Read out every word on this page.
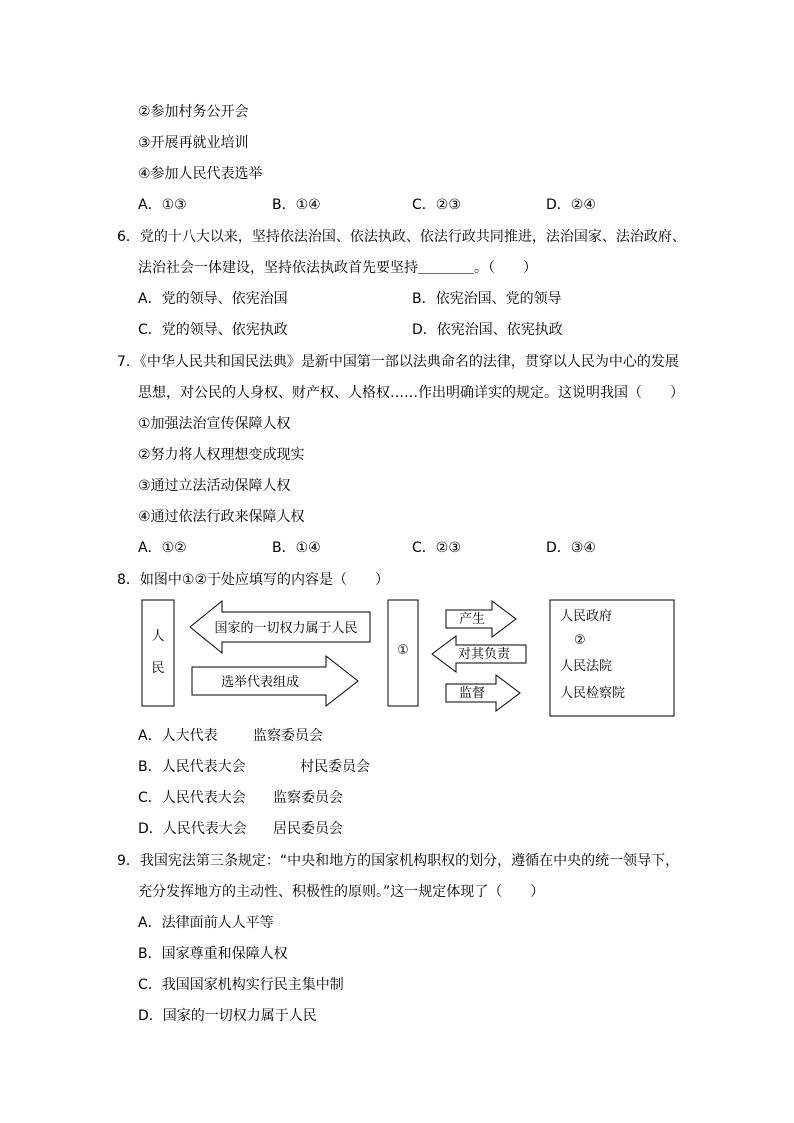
②参加村务公开会
③开展再就业培训
④参加人民代表选举
A．①③	B．①④	C．②③	D．②④
6．党的十八大以来，坚持依法治国、依法执政、依法行政共同推进，法治国家、法治政府、
法治社会一体建设，坚持依法执政首先要坚持＿＿＿＿。（　　）
A．党的领导、依宪治国	B．依宪治国、党的领导
C．党的领导、依宪执政	D．依宪治国、依宪执政
7．《中华人民共和国民法典》是新中国第一部以法典命名的法律，贯穿以人民为中心的发展
思想，对公民的人身权、财产权、人格权……作出明确详实的规定。这说明我国（　　）
①加强法治宣传保障人权
②努力将人权理想变成现实
③通过立法活动保障人权
④通过依法行政来保障人权
A．①②	B．①④	C．②③	D．③④
8．如图中①②于处应填写的内容是（　　）
人
民
国家的一切权力属于人民
选举代表组成
①
产生
对其负责
监督
人民政府
②
人民法院
人民检察院
A．人大代表	监察委员会
B．人民代表大会	村民委员会
C．人民代表大会 监察委员会
D．人民代表大会 居民委员会
9．我国宪法第三条规定：“中央和地方的国家机构职权的划分，遵循在中央的统一领导下，
充分发挥地方的主动性、积极性的原则。”这一规定体现了（　　）
A．法律面前人人平等
B．国家尊重和保障人权
C．我国国家机构实行民主集中制
D．国家的一切权力属于人民
